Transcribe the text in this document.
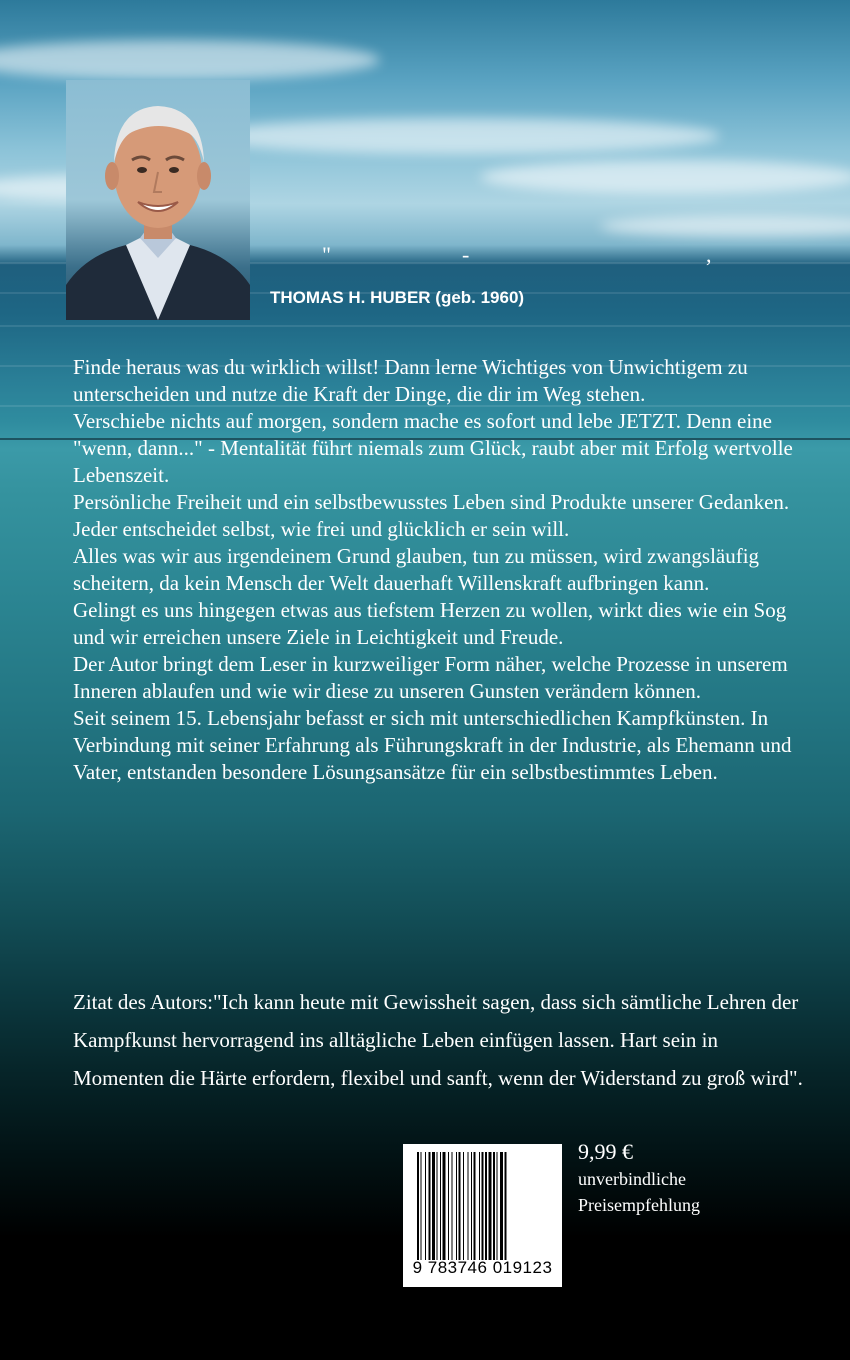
"	-	,
THOMAS H. HUBER (geb. 1960)

Finde heraus was du wirklich willst! Dann lerne Wichtiges von Unwichtigem zu unterscheiden und nutze die Kraft der Dinge, die dir im Weg stehen.

Verschiebe nichts auf morgen, sondern mache es sofort und lebe JETZT. Denn eine "wenn, dann..." - Mentalität führt niemals zum Glück, raubt aber mit Erfolg wertvolle Lebenszeit.

Persönliche Freiheit und ein selbstbewusstes Leben sind Produkte unserer Gedanken. Jeder entscheidet selbst, wie frei und glücklich er sein will.

Alles was wir aus irgendeinem Grund glauben, tun zu müssen, wird zwangsläufig scheitern, da kein Mensch der Welt dauerhaft Willenskraft aufbringen kann.

Gelingt es uns hingegen etwas aus tiefstem Herzen zu wollen, wirkt dies wie ein Sog und wir erreichen unsere Ziele in Leichtigkeit und Freude.

Der Autor bringt dem Leser in kurzweiliger Form näher, welche Prozesse in unserem Inneren ablaufen und wie wir diese zu unseren Gunsten verändern können.

Seit seinem 15. Lebensjahr befasst er sich mit unterschiedlichen Kampfkünsten. In Verbindung mit seiner Erfahrung als Führungskraft in der Industrie, als Ehemann und Vater, entstanden besondere Lösungsansätze für ein selbstbestimmtes Leben.

Zitat des Autors:"Ich kann heute mit Gewissheit sagen, dass sich sämtliche Lehren der Kampfkunst hervorragend ins alltägliche Leben einfügen lassen. Hart sein in Momenten die Härte erfordern, flexibel und sanft, wenn der Widerstand zu groß wird".
9 783746 019123
9,99 €
unverbindliche
Preisempfehlung
